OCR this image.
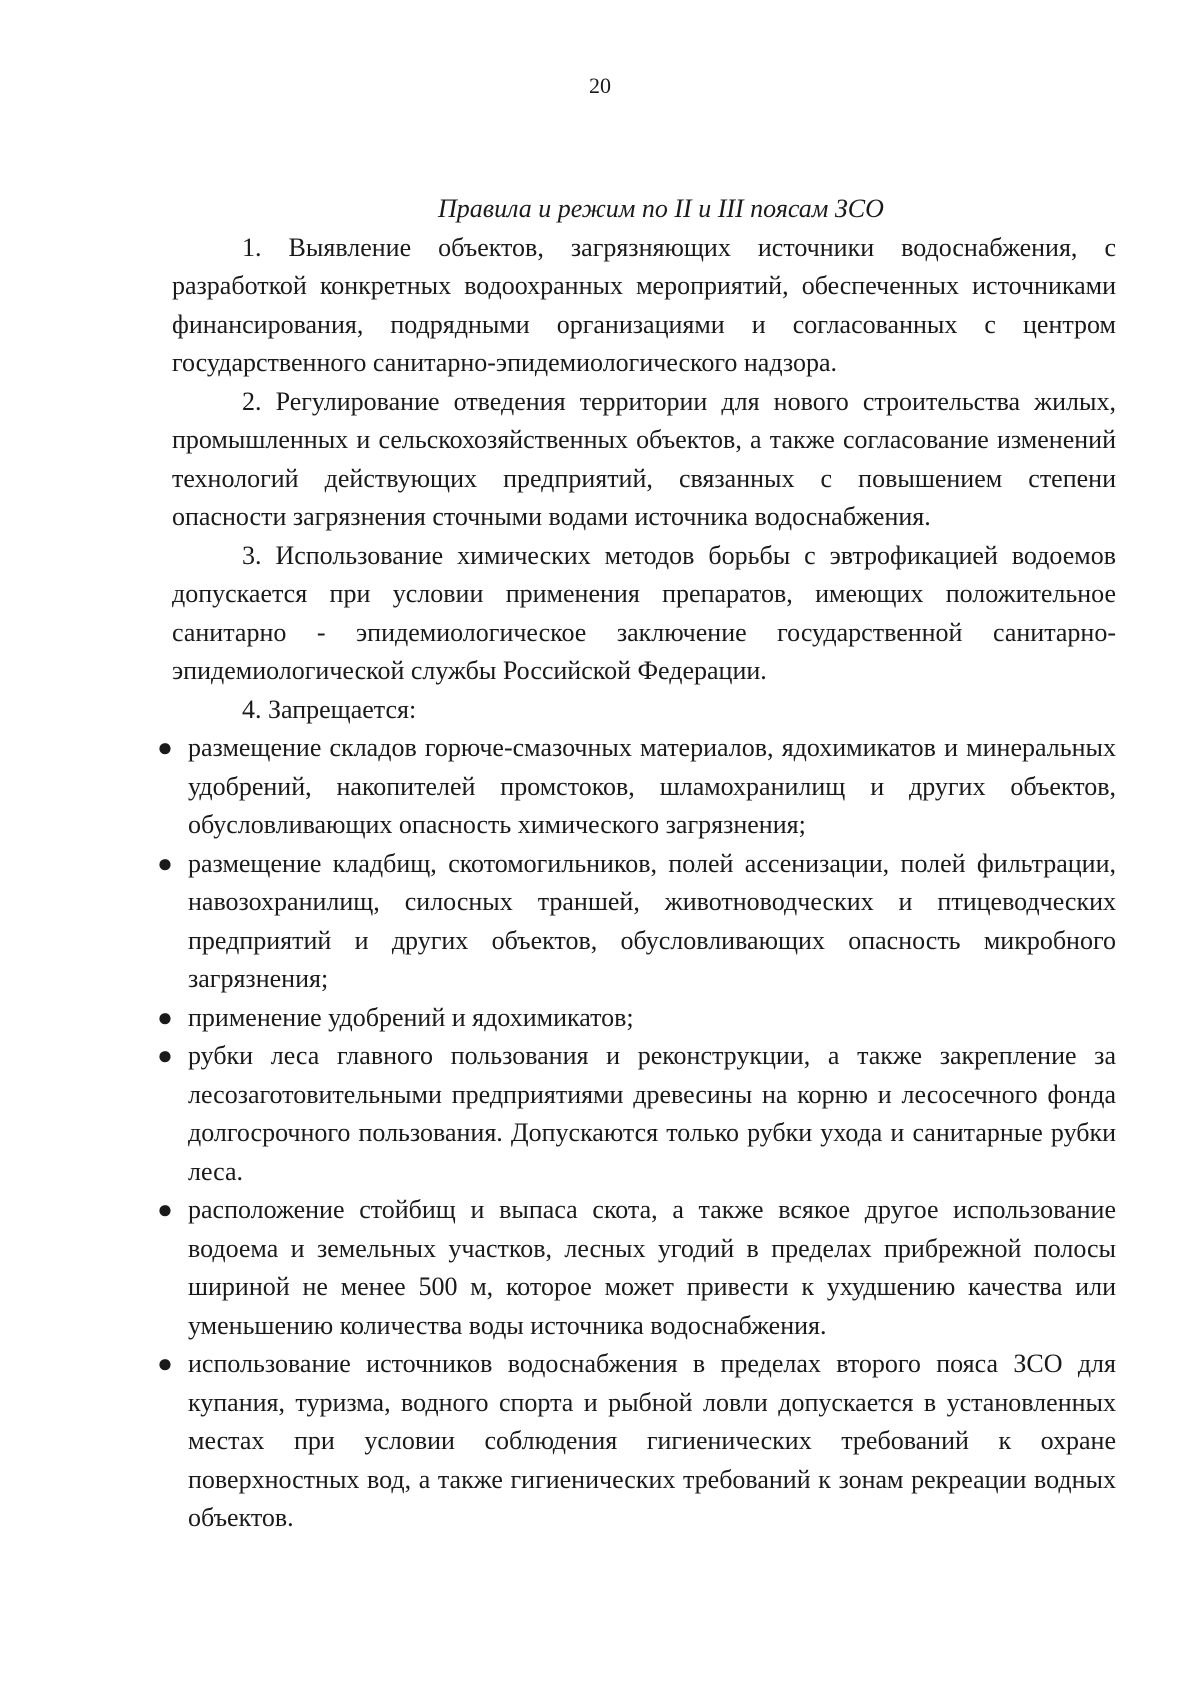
20
Правила и режим по II и III поясам ЗСО

1. Выявление объектов, загрязняющих источники водоснабжения, с разработкой конкретных водоохранных мероприятий, обеспеченных источниками финансирования, подрядными организациями и согласованных с центром государственного санитарно-эпидемиологического надзора.

2. Регулирование отведения территории для нового строительства жилых, промышленных и сельскохозяйственных объектов, а также согласование изменений технологий действующих предприятий, связанных с повышением степени опасности загрязнения сточными водами источника водоснабжения.

3. Использование химических методов борьбы с эвтрофикацией водоемов допускается при условии применения препаратов, имеющих положительное санитарно - эпидемиологическое заключение государственной санитарно-эпидемиологической службы Российской Федерации.

4. Запрещается:

● размещение складов горюче-смазочных материалов, ядохимикатов и минеральных удобрений, накопителей промстоков, шламохранилищ и других объектов, обусловливающих опасность химического загрязнения;
● размещение кладбищ, скотомогильников, полей ассенизации, полей фильтрации, навозохранилищ, силосных траншей, животноводческих и птицеводческих предприятий и других объектов, обусловливающих опасность микробного загрязнения;
● применение удобрений и ядохимикатов;
● рубки леса главного пользования и реконструкции, а также закрепление за лесозаготовительными предприятиями древесины на корню и лесосечного фонда долгосрочного пользования. Допускаются только рубки ухода и санитарные рубки леса.
● расположение стойбищ и выпаса скота, а также всякое другое использование водоема и земельных участков, лесных угодий в пределах прибрежной полосы шириной не менее 500 м, которое может привести к ухудшению качества или уменьшению количества воды источника водоснабжения.
● использование источников водоснабжения в пределах второго пояса ЗСО для купания, туризма, водного спорта и рыбной ловли допускается в установленных местах при условии соблюдения гигиенических требований к охране поверхностных вод, а также гигиенических требований к зонам рекреации водных объектов.
